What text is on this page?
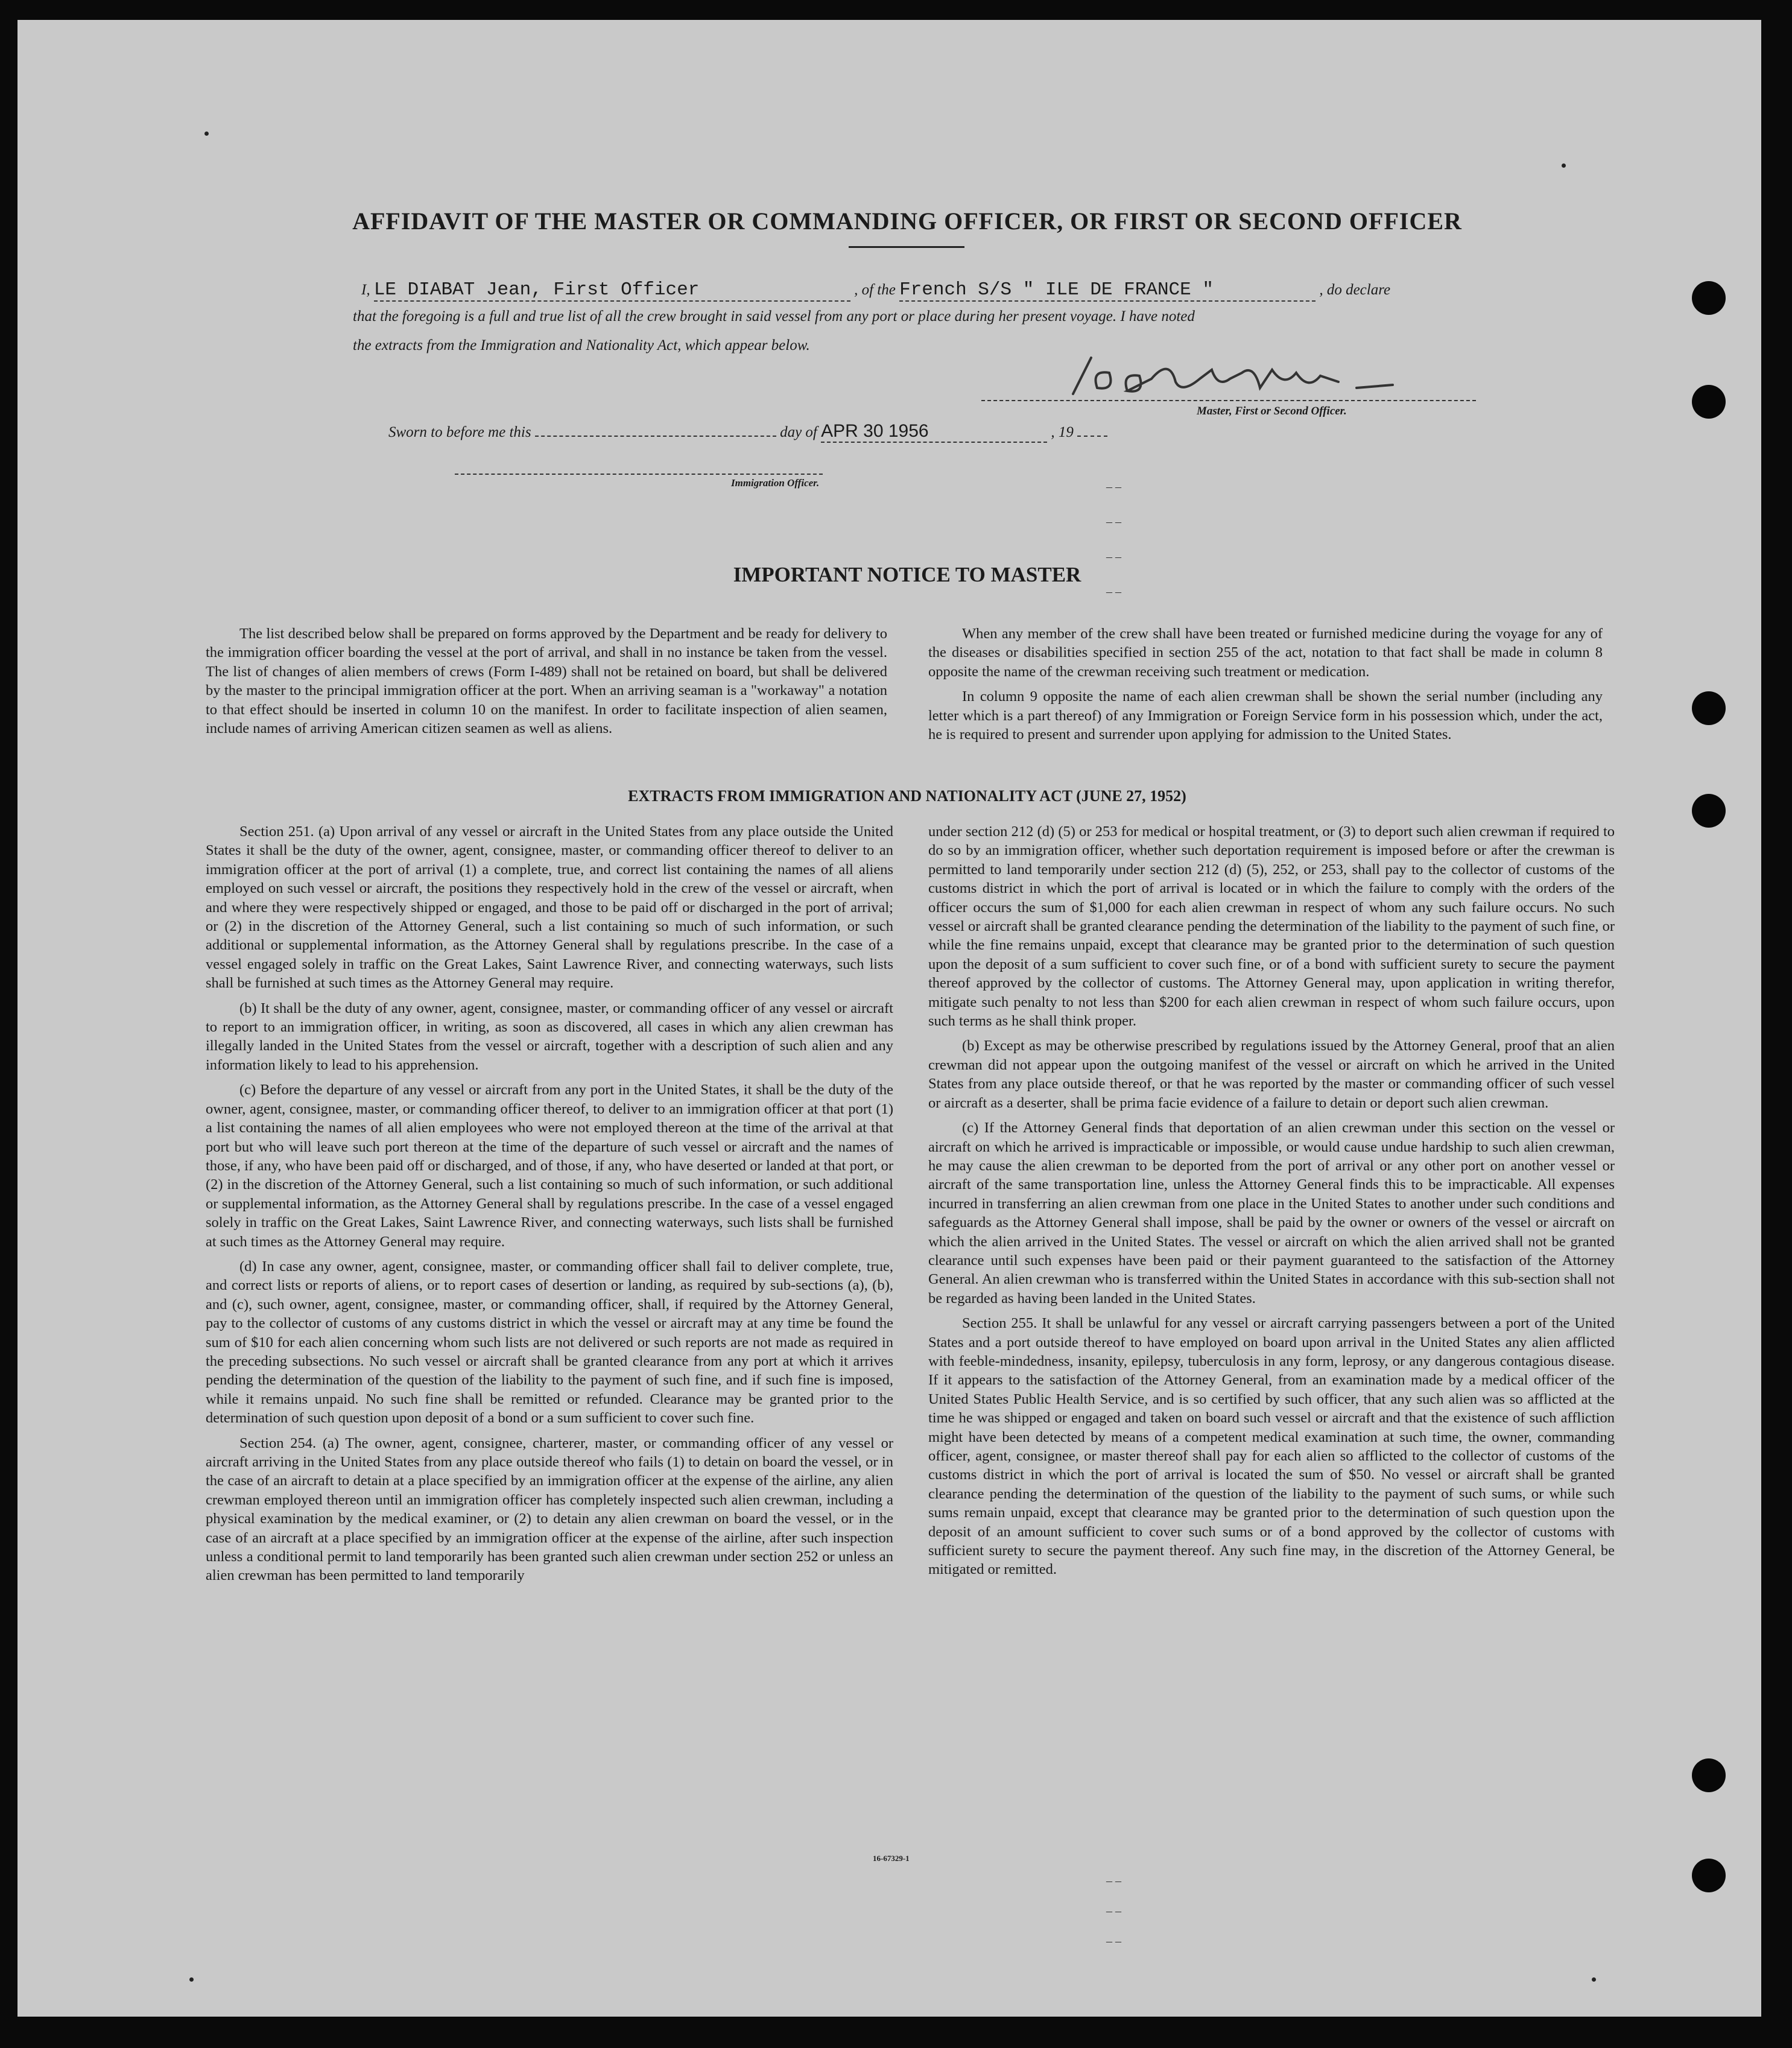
AFFIDAVIT OF THE MASTER OR COMMANDING OFFICER, OR FIRST OR SECOND OFFICER
I, LE DIABAT Jean, First Officer	, of the French S/S " ILE DE FRANCE "	, do declare
that the foregoing is a full and true list of all the crew brought in said vessel from any port or place during her present voyage. I have noted
the extracts from the Immigration and Nationality Act, which appear below.
Master, First or Second Officer.
Sworn to before me this	day of APR 30 1956	, 19
Immigration Officer.	– –
– –
– –
– –
IMPORTANT NOTICE TO MASTER

The list described below shall be prepared on forms approved by the Department and be ready for delivery to the immigration officer boarding the vessel at the port of arrival, and shall in no instance be taken from the vessel. The list of changes of alien members of crews (Form I-489) shall not be retained on board, but shall be delivered by the master to the principal immigration officer at the port. When an arriving seaman is a "workaway" a notation to that effect should be inserted in column 10 on the manifest. In order to facilitate inspection of alien seamen, include names of arriving American citizen seamen as well as aliens.

When any member of the crew shall have been treated or furnished medicine during the voyage for any of the diseases or disabilities specified in section 255 of the act, notation to that fact shall be made in column 8 opposite the name of the crewman receiving such treatment or medication.

In column 9 opposite the name of each alien crewman shall be shown the serial number (including any letter which is a part thereof) of any Immigration or Foreign Service form in his possession which, under the act, he is required to present and surrender upon applying for admission to the United States.

EXTRACTS FROM IMMIGRATION AND NATIONALITY ACT (JUNE 27, 1952)

Section 251. (a) Upon arrival of any vessel or aircraft in the United States from any place outside the United States it shall be the duty of the owner, agent, consignee, master, or commanding officer thereof to deliver to an immigration officer at the port of arrival (1) a complete, true, and correct list containing the names of all aliens employed on such vessel or aircraft, the positions they respectively hold in the crew of the vessel or aircraft, when and where they were respectively shipped or engaged, and those to be paid off or discharged in the port of arrival; or (2) in the discretion of the Attorney General, such a list containing so much of such information, or such additional or supplemental information, as the Attorney General shall by regulations prescribe. In the case of a vessel engaged solely in traffic on the Great Lakes, Saint Lawrence River, and connecting waterways, such lists shall be furnished at such times as the Attorney General may require.

(b) It shall be the duty of any owner, agent, consignee, master, or commanding officer of any vessel or aircraft to report to an immigration officer, in writing, as soon as discovered, all cases in which any alien crewman has illegally landed in the United States from the vessel or aircraft, together with a description of such alien and any information likely to lead to his apprehension.

(c) Before the departure of any vessel or aircraft from any port in the United States, it shall be the duty of the owner, agent, consignee, master, or commanding officer thereof, to deliver to an immigration officer at that port (1) a list containing the names of all alien employees who were not employed thereon at the time of the arrival at that port but who will leave such port thereon at the time of the departure of such vessel or aircraft and the names of those, if any, who have been paid off or discharged, and of those, if any, who have deserted or landed at that port, or (2) in the discretion of the Attorney General, such a list containing so much of such information, or such additional or supplemental information, as the Attorney General shall by regulations prescribe. In the case of a vessel engaged solely in traffic on the Great Lakes, Saint Lawrence River, and connecting waterways, such lists shall be furnished at such times as the Attorney General may require.

(d) In case any owner, agent, consignee, master, or commanding officer shall fail to deliver complete, true, and correct lists or reports of aliens, or to report cases of desertion or landing, as required by sub-sections (a), (b), and (c), such owner, agent, consignee, master, or commanding officer, shall, if required by the Attorney General, pay to the collector of customs of any customs district in which the vessel or aircraft may at any time be found the sum of $10 for each alien concerning whom such lists are not delivered or such reports are not made as required in the preceding subsections. No such vessel or aircraft shall be granted clearance from any port at which it arrives pending the determination of the question of the liability to the payment of such fine, and if such fine is imposed, while it remains unpaid. No such fine shall be remitted or refunded. Clearance may be granted prior to the determination of such question upon deposit of a bond or a sum sufficient to cover such fine.

Section 254. (a) The owner, agent, consignee, charterer, master, or commanding officer of any vessel or aircraft arriving in the United States from any place outside thereof who fails (1) to detain on board the vessel, or in the case of an aircraft to detain at a place specified by an immigration officer at the expense of the airline, any alien crewman employed thereon until an immigration officer has completely inspected such alien crewman, including a physical examination by the medical examiner, or (2) to detain any alien crewman on board the vessel, or in the case of an aircraft at a place specified by an immigration officer at the expense of the airline, after such inspection unless a conditional permit to land temporarily has been granted such alien crewman under section 252 or unless an alien crewman has been permitted to land temporarily

under section 212 (d) (5) or 253 for medical or hospital treatment, or (3) to deport such alien crewman if required to do so by an immigration officer, whether such deportation requirement is imposed before or after the crewman is permitted to land temporarily under section 212 (d) (5), 252, or 253, shall pay to the collector of customs of the customs district in which the port of arrival is located or in which the failure to comply with the orders of the officer occurs the sum of $1,000 for each alien crewman in respect of whom any such failure occurs. No such vessel or aircraft shall be granted clearance pending the determination of the liability to the payment of such fine, or while the fine remains unpaid, except that clearance may be granted prior to the determination of such question upon the deposit of a sum sufficient to cover such fine, or of a bond with sufficient surety to secure the payment thereof approved by the collector of customs. The Attorney General may, upon application in writing therefor, mitigate such penalty to not less than $200 for each alien crewman in respect of whom such failure occurs, upon such terms as he shall think proper.

(b) Except as may be otherwise prescribed by regulations issued by the Attorney General, proof that an alien crewman did not appear upon the outgoing manifest of the vessel or aircraft on which he arrived in the United States from any place outside thereof, or that he was reported by the master or commanding officer of such vessel or aircraft as a deserter, shall be prima facie evidence of a failure to detain or deport such alien crewman.

(c) If the Attorney General finds that deportation of an alien crewman under this section on the vessel or aircraft on which he arrived is impracticable or impossible, or would cause undue hardship to such alien crewman, he may cause the alien crewman to be deported from the port of arrival or any other port on another vessel or aircraft of the same transportation line, unless the Attorney General finds this to be impracticable. All expenses incurred in transferring an alien crewman from one place in the United States to another under such conditions and safeguards as the Attorney General shall impose, shall be paid by the owner or owners of the vessel or aircraft on which the alien arrived in the United States. The vessel or aircraft on which the alien arrived shall not be granted clearance until such expenses have been paid or their payment guaranteed to the satisfaction of the Attorney General. An alien crewman who is transferred within the United States in accordance with this sub-section shall not be regarded as having been landed in the United States.

Section 255. It shall be unlawful for any vessel or aircraft carrying passengers between a port of the United States and a port outside thereof to have employed on board upon arrival in the United States any alien afflicted with feeble-mindedness, insanity, epilepsy, tuberculosis in any form, leprosy, or any dangerous contagious disease. If it appears to the satisfaction of the Attorney General, from an examination made by a medical officer of the United States Public Health Service, and is so certified by such officer, that any such alien was so afflicted at the time he was shipped or engaged and taken on board such vessel or aircraft and that the existence of such affliction might have been detected by means of a competent medical examination at such time, the owner, commanding officer, agent, consignee, or master thereof shall pay for each alien so afflicted to the collector of customs of the customs district in which the port of arrival is located the sum of $50. No vessel or aircraft shall be granted clearance pending the determination of the question of the liability to the payment of such sums, or while such sums remain unpaid, except that clearance may be granted prior to the determination of such question upon the deposit of an amount sufficient to cover such sums or of a bond approved by the collector of customs with sufficient surety to secure the payment thereof. Any such fine may, in the discretion of the Attorney General, be mitigated or remitted.

16-67329-1
– –
– –
– –
